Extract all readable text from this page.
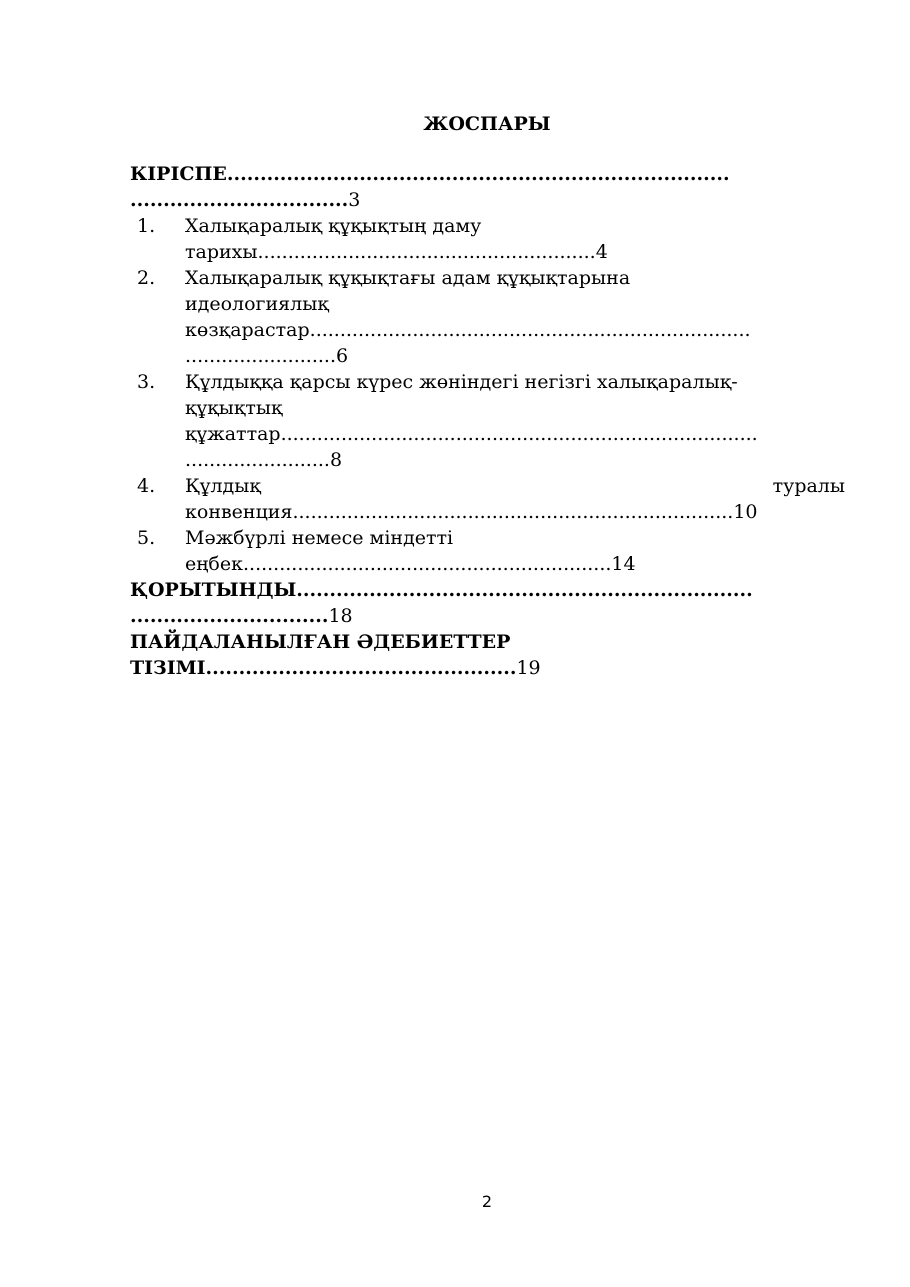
ЖОСПАРЫ
КІРІСПЕ............................................................................
.................................3
1. Халықаралық құқықтың даму
тарихы........................................................4
2. Халықаралық құқықтағы адам құқықтарына
идеологиялық
көзқарастар.........................................................................
.........................6
3. Құлдыққа қарсы күрес жөніндегі негізгі халықаралық-
құқықтық
құжаттар...............................................................................
........................8
4. Құлдық	туралы
конвенция.........................................................................10
5. Мәжбүрлі немесе міндетті
еңбек.............................................................14
ҚОРЫТЫНДЫ.....................................................................
..............................18
ПАЙДАЛАНЫЛҒАН ӘДЕБИЕТТЕР
ТІЗІМІ...............................................19
2
